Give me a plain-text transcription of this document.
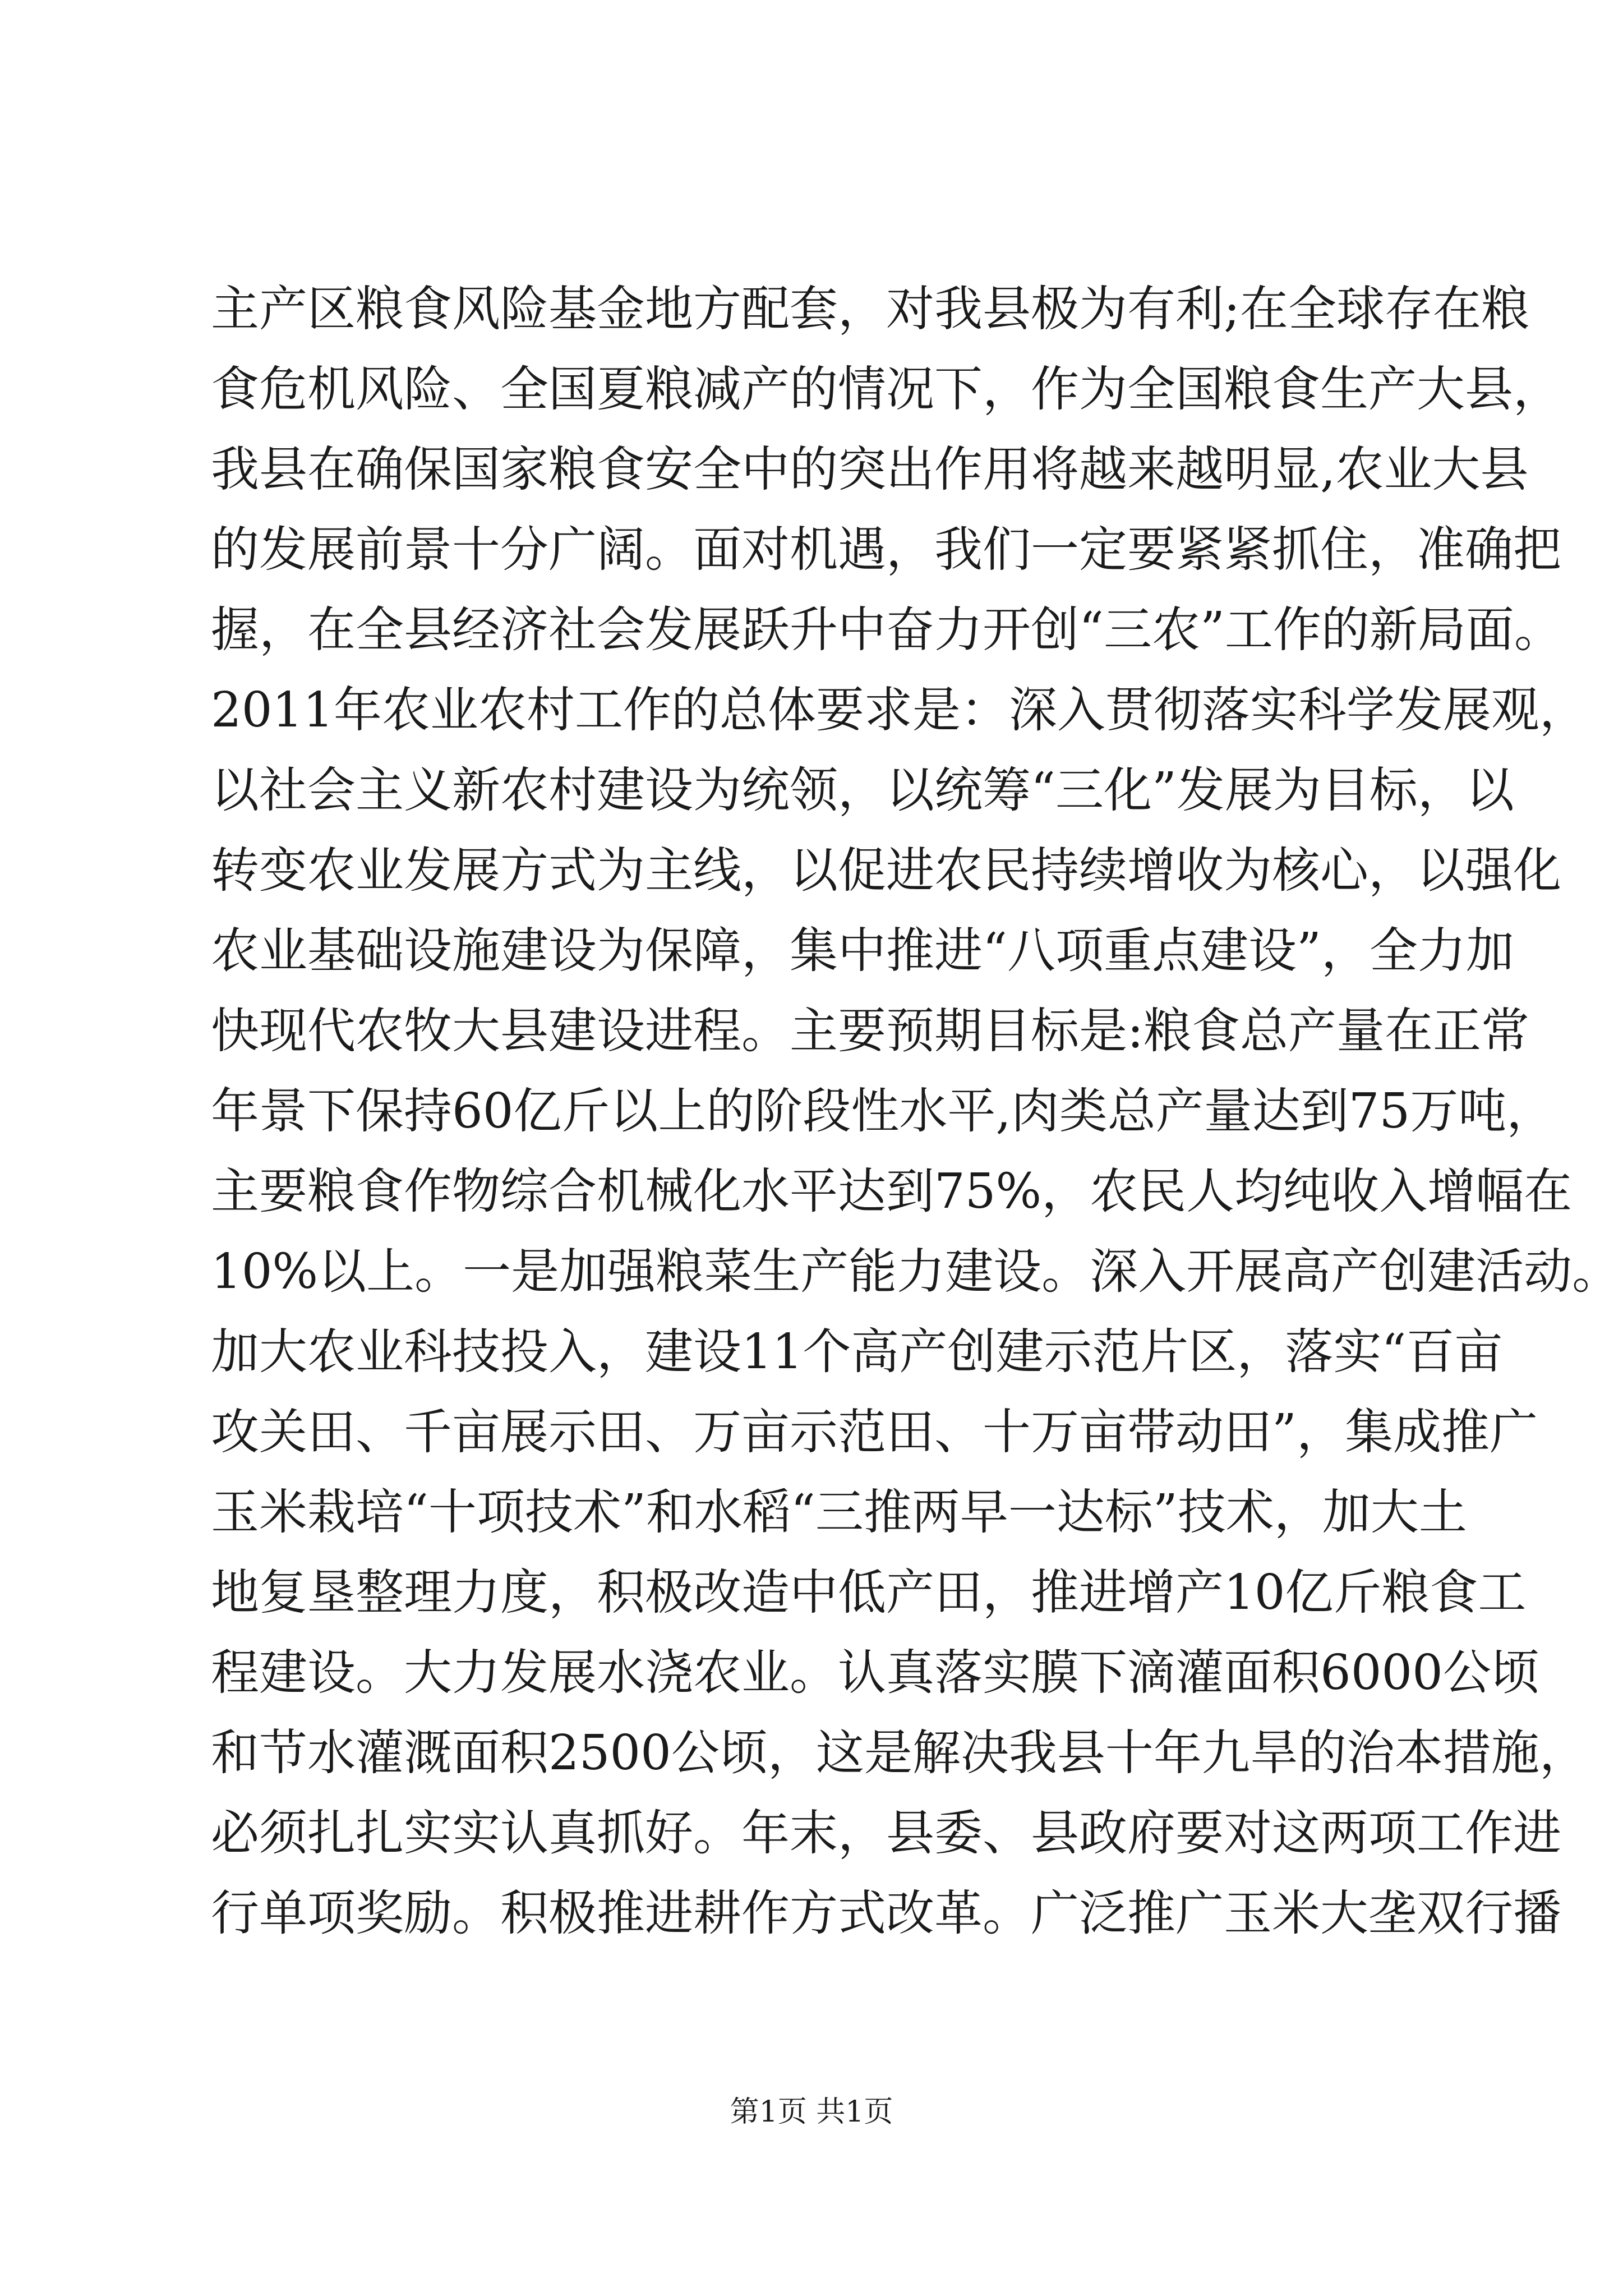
主产区粮食风险基金地方配套，对我县极为有利;在全球存在粮
食危机风险、全国夏粮减产的情况下，作为全国粮食生产大县，
我县在确保国家粮食安全中的突出作用将越来越明显,农业大县
的发展前景十分广阔。面对机遇，我们一定要紧紧抓住，准确把
握，在全县经济社会发展跃升中奋力开创“三农”工作的新局面。
2011年农业农村工作的总体要求是：深入贯彻落实科学发展观，
以社会主义新农村建设为统领，以统筹“三化”发展为目标，以
转变农业发展方式为主线，以促进农民持续增收为核心，以强化
农业基础设施建设为保障，集中推进“八项重点建设”，全力加
快现代农牧大县建设进程。主要预期目标是:粮食总产量在正常
年景下保持60亿斤以上的阶段性水平,肉类总产量达到75万吨，
主要粮食作物综合机械化水平达到75%，农民人均纯收入增幅在
10%以上。一是加强粮菜生产能力建设。深入开展高产创建活动。
加大农业科技投入，建设11个高产创建示范片区，落实“百亩
攻关田、千亩展示田、万亩示范田、十万亩带动田”，集成推广
玉米栽培“十项技术”和水稻“三推两早一达标”技术，加大土
地复垦整理力度，积极改造中低产田，推进增产10亿斤粮食工
程建设。大力发展水浇农业。认真落实膜下滴灌面积6000公顷
和节水灌溉面积2500公顷，这是解决我县十年九旱的治本措施，
必须扎扎实实认真抓好。年末，县委、县政府要对这两项工作进
行单项奖励。积极推进耕作方式改革。广泛推广玉米大垄双行播
第1页 共1页
